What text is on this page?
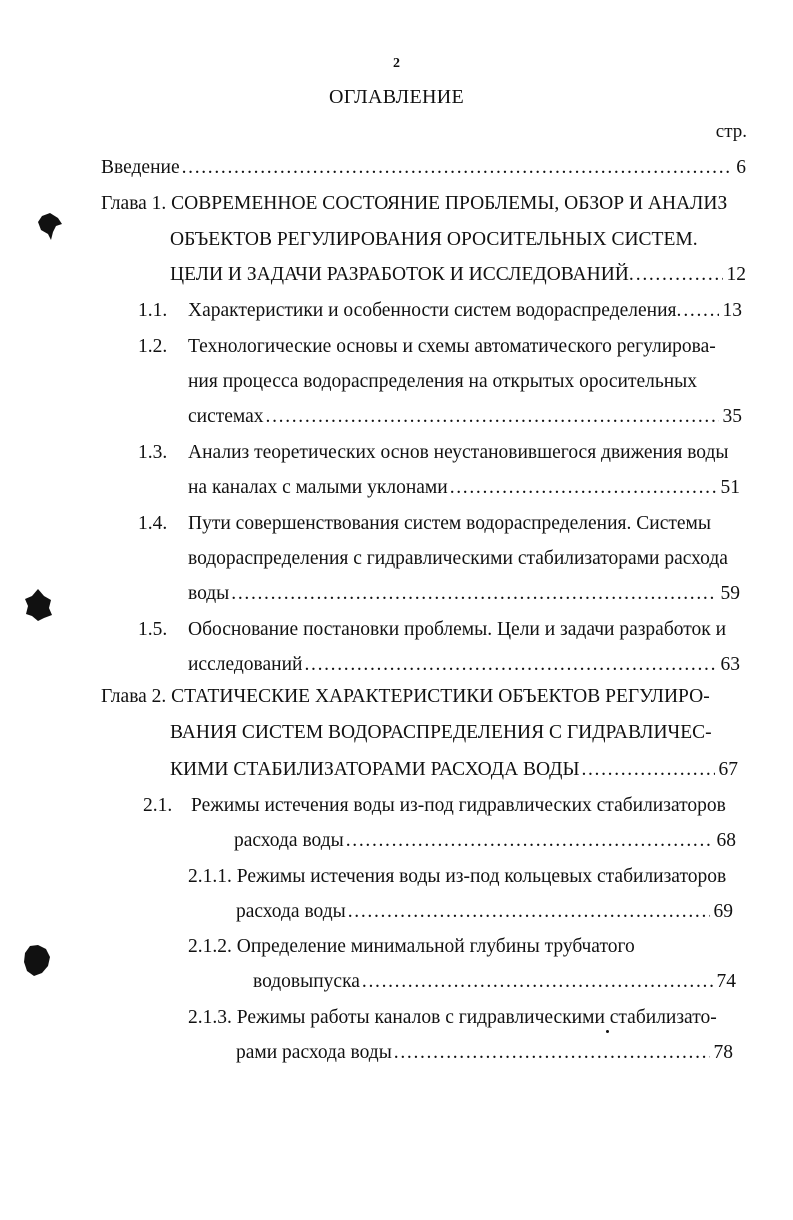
2
ОГЛАВЛЕНИЕ
стр.
Введение . . .	6
Глава 1. СОВРЕМЕННОЕ СОСТОЯНИЕ ПРОБЛЕМЫ, ОБЗОР И АНАЛИЗ
ОБЪЕКТОВ РЕГУЛИРОВАНИЯ ОРОСИТЕЛЬНЫХ СИСТЕМ.
ЦЕЛИ И ЗАДАЧИ РАЗРАБОТОК И ИССЛЕДОВАНИЙ. . . .	12
1.1. Характеристики и особенности систем водораспределения. . . . 13
1.2. Технологические основы и схемы автоматического регулирова-
ния процесса водораспределения на открытых оросительных
системах . . .	35
1.3. Анализ теоретических основ неустановившегося движения воды
на каналах с малыми уклонами . . .	51
1.4. Пути совершенствования систем водораспределения. Системы
водораспределения с гидравлическими стабилизаторами расхода
воды . . .	59
1.5. Обоснование постановки проблемы. Цели и задачи разработок и
исследований . . .	63
Глава 2. СТАТИЧЕСКИЕ ХАРАКТЕРИСТИКИ ОБЪЕКТОВ РЕГУЛИРО-
ВАНИЯ СИСТЕМ ВОДОРАСПРЕДЕЛЕНИЯ С ГИДРАВЛИЧЕС-
КИМИ СТАБИЛИЗАТОРАМИ РАСХОДА ВОДЫ . . .	67
2.1. Режимы истечения воды из-под гидравлических стабилизаторов
расхода воды . . .	68
2.1.1. Режимы истечения воды из-под кольцевых стабилизаторов
расхода воды . . .	69
2.1.2. Определение минимальной глубины трубчатого
водовыпуска . . .	74
2.1.3. Режимы работы каналов с гидравлическими стабилизато-
рами расхода воды . . .	78
